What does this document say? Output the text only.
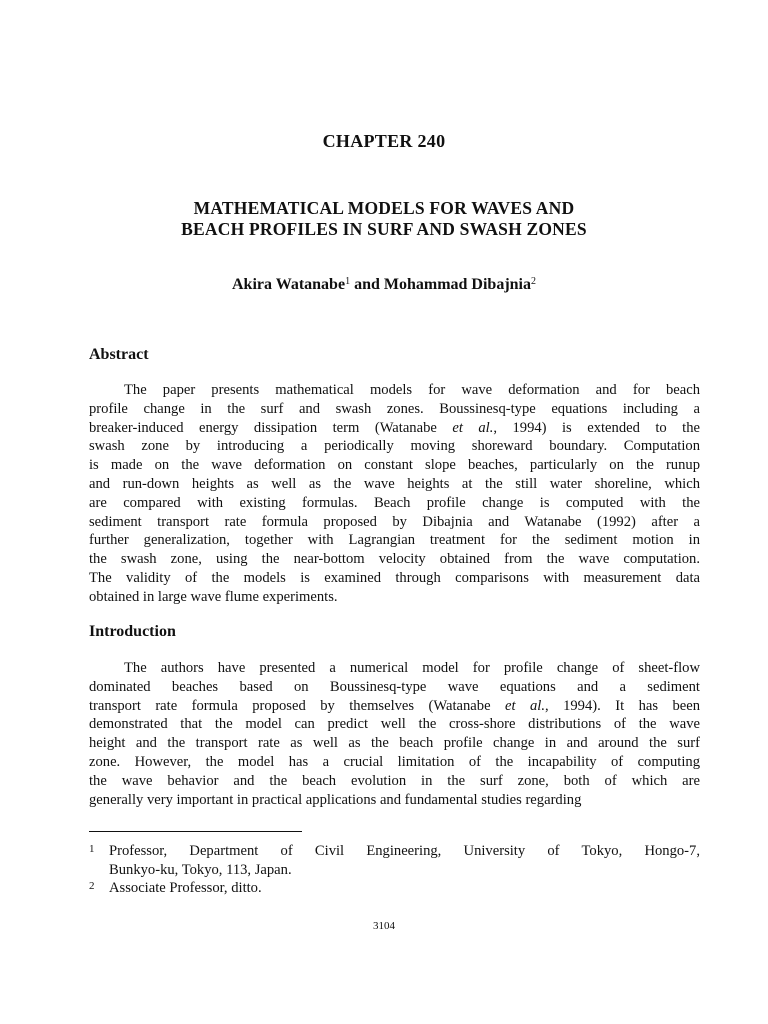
CHAPTER 240
MATHEMATICAL MODELS FOR WAVES AND
BEACH PROFILES IN SURF AND SWASH ZONES
Akira Watanabe$^1$ and Mohammad Dibajnia$^2$
Abstract
The paper presents mathematical models for wave deformation and for beach
profile change in the surf and swash zones. Boussinesq-type equations including a
breaker-induced energy dissipation term (Watanabe et al., 1994) is extended to the
swash zone by introducing a periodically moving shoreward boundary. Computation
is made on the wave deformation on constant slope beaches, particularly on the runup
and run-down heights as well as the wave heights at the still water shoreline, which
are compared with existing formulas. Beach profile change is computed with the
sediment transport rate formula proposed by Dibajnia and Watanabe (1992) after a
further generalization, together with Lagrangian treatment for the sediment motion in
the swash zone, using the near-bottom velocity obtained from the wave computation.
The validity of the models is examined through comparisons with measurement data
obtained in large wave flume experiments.
Introduction
The authors have presented a numerical model for profile change of sheet-flow
dominated beaches based on Boussinesq-type wave equations and a sediment
transport rate formula proposed by themselves (Watanabe et al., 1994). It has been
demonstrated that the model can predict well the cross-shore distributions of the wave
height and the transport rate as well as the beach profile change in and around the surf
zone. However, the model has a crucial limitation of the incapability of computing
the wave behavior and the beach evolution in the surf zone, both of which are
generally very important in practical applications and fundamental studies regarding
1 Professor, Department of Civil Engineering, University of Tokyo, Hongo-7,
Bunkyo-ku, Tokyo, 113, Japan.
2 Associate Professor, ditto.
3104
